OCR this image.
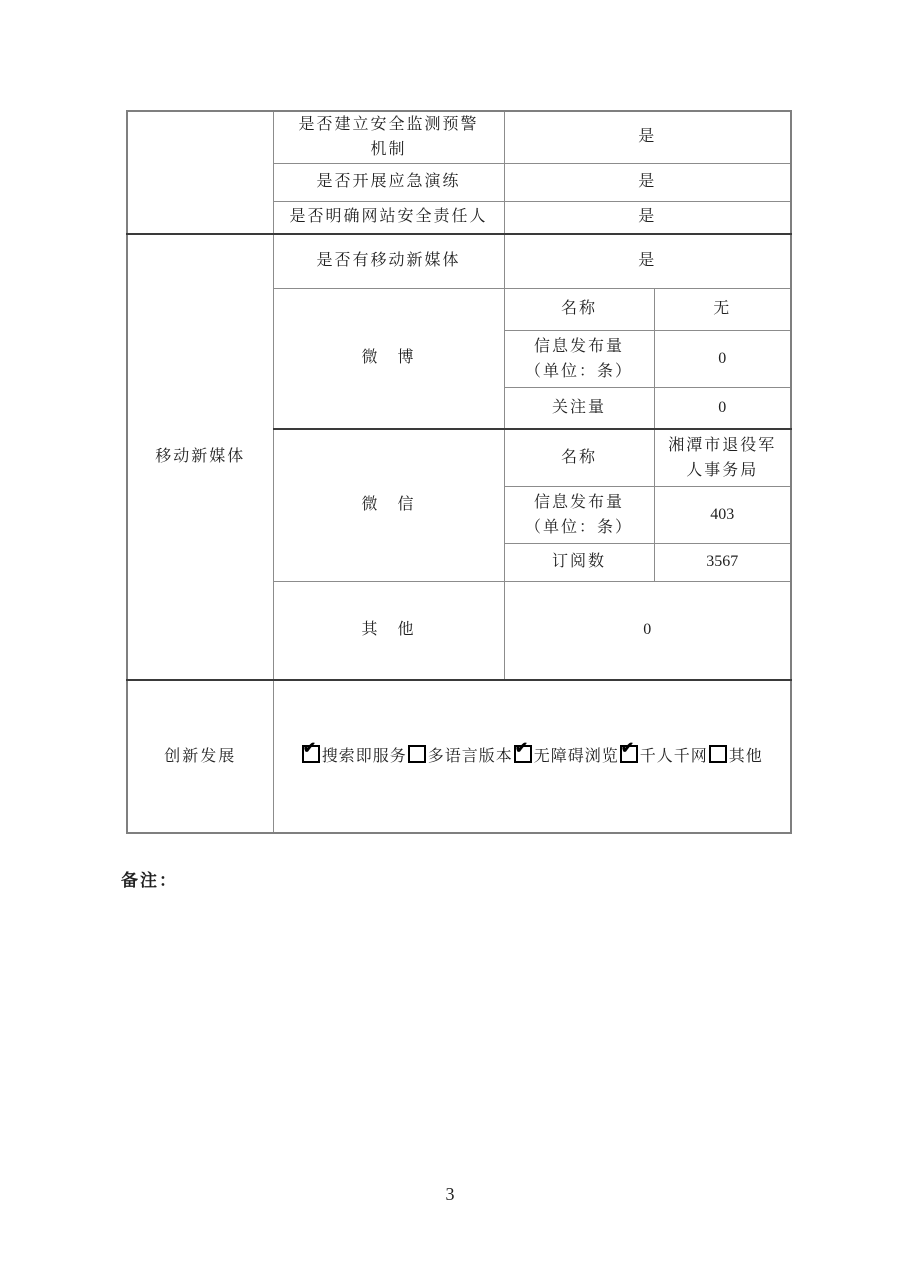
	是否建立安全监测预警
机制	是	
	是否开展应急演练	是	
	是否明确网站安全责任人	是	
移动新媒体	是否有移动新媒体	是	
	微　博	名称	无

		信息发布量
（单位：条）	0
		关注量	0
	微　信	名称	湘潭市退役军
人事务局

		信息发布量
（单位：条）	403
		订阅数	3567
	其　他	0	
创新发展	✔搜索即服务 多语言版本 ✔ 无障碍浏览 ✔ 千人千网 其他
备注：
3
